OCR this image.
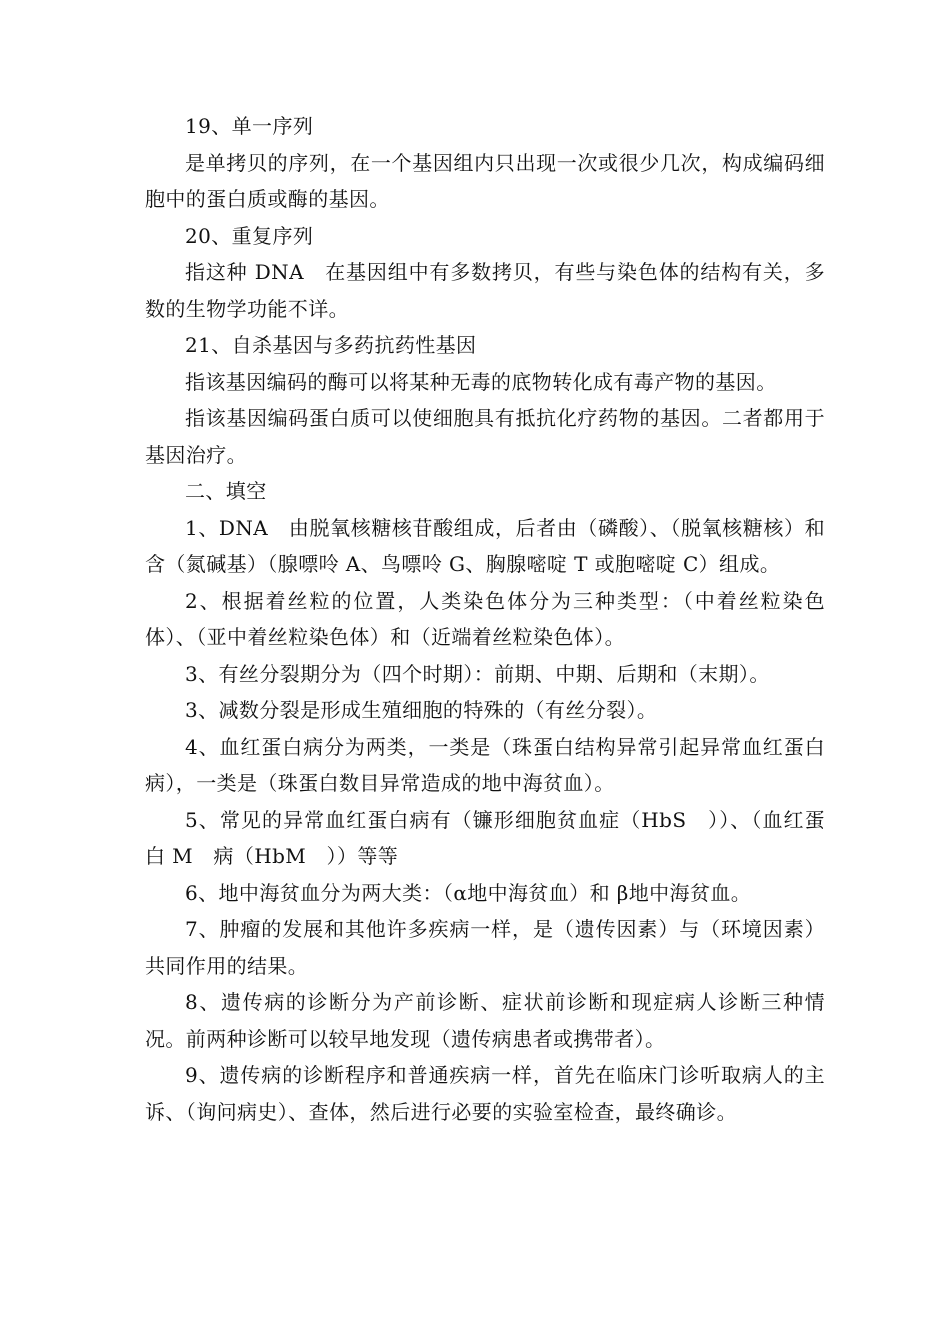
19、单一序列

是单拷贝的序列，在一个基因组内只出现一次或很少几次，构成编码细胞中的蛋白质或酶的基因。

20、重复序列

指这种 DNA　在基因组中有多数拷贝，有些与染色体的结构有关，多数的生物学功能不详。

21、自杀基因与多药抗药性基因

指该基因编码的酶可以将某种无毒的底物转化成有毒产物的基因。

指该基因编码蛋白质可以使细胞具有抵抗化疗药物的基因。二者都用于基因治疗。

二、填空

1、DNA　由脱氧核糖核苷酸组成，后者由（磷酸）、（脱氧核糖核）和含（氮碱基）（腺嘌呤 A、鸟嘌呤 G、胸腺嘧啶 T 或胞嘧啶 C）组成。

2、根据着丝粒的位置，人类染色体分为三种类型：（中着丝粒染色体）、（亚中着丝粒染色体）和（近端着丝粒染色体）。

3、有丝分裂期分为（四个时期）：前期、中期、后期和（末期）。

3、减数分裂是形成生殖细胞的特殊的（有丝分裂）。

4、血红蛋白病分为两类，一类是（珠蛋白结构异常引起异常血红蛋白病），一类是（珠蛋白数目异常造成的地中海贫血）。

5、常见的异常血红蛋白病有（镰形细胞贫血症（HbS　））、（血红蛋白 M　病（HbM　））等等

6、地中海贫血分为两大类：（α地中海贫血）和 β地中海贫血。

7、肿瘤的发展和其他许多疾病一样，是（遗传因素）与（环境因素）共同作用的结果。

8、遗传病的诊断分为产前诊断、症状前诊断和现症病人诊断三种情况。前两种诊断可以较早地发现（遗传病患者或携带者）。

9、遗传病的诊断程序和普通疾病一样，首先在临床门诊听取病人的主诉、（询问病史）、查体，然后进行必要的实验室检查，最终确诊。
